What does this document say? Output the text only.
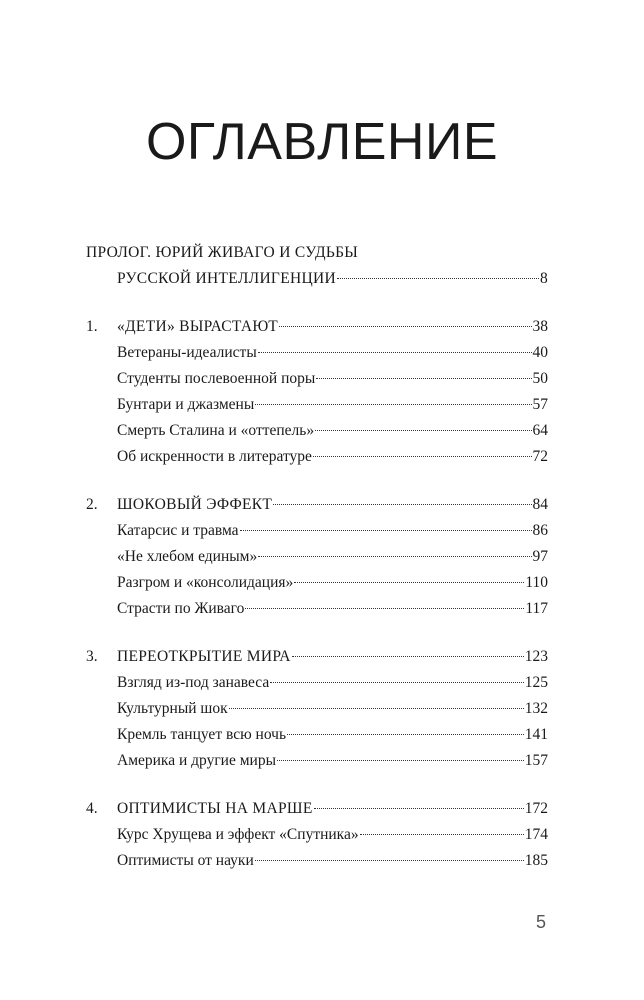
ОГЛАВЛЕНИЕ
ПРОЛОГ. ЮРИЙ ЖИВАГО И СУДЬБЫ
РУССКОЙ ИНТЕЛЛИГЕНЦИИ	8
1.	«ДЕТИ» ВЫРАСТАЮТ	38
Ветераны-идеалисты	40
Студенты послевоенной поры	50
Бунтари и джазмены	57
Смерть Сталина и «оттепель»	64
Об искренности в литературе	72
2.	ШОКОВЫЙ ЭФФЕКТ	84
Катарсис и травма	86
«Не хлебом единым»	97
Разгром и «консолидация»	110
Страсти по Живаго	117
3.	ПЕРЕОТКРЫТИЕ МИРА	123
Взгляд из-под занавеса	125
Культурный шок	132
Кремль танцует всю ночь	141
Америка и другие миры	157
4.	ОПТИМИСТЫ НА МАРШЕ	172
Курс Хрущева и эффект «Спутника»	174
Оптимисты от науки	185
5
